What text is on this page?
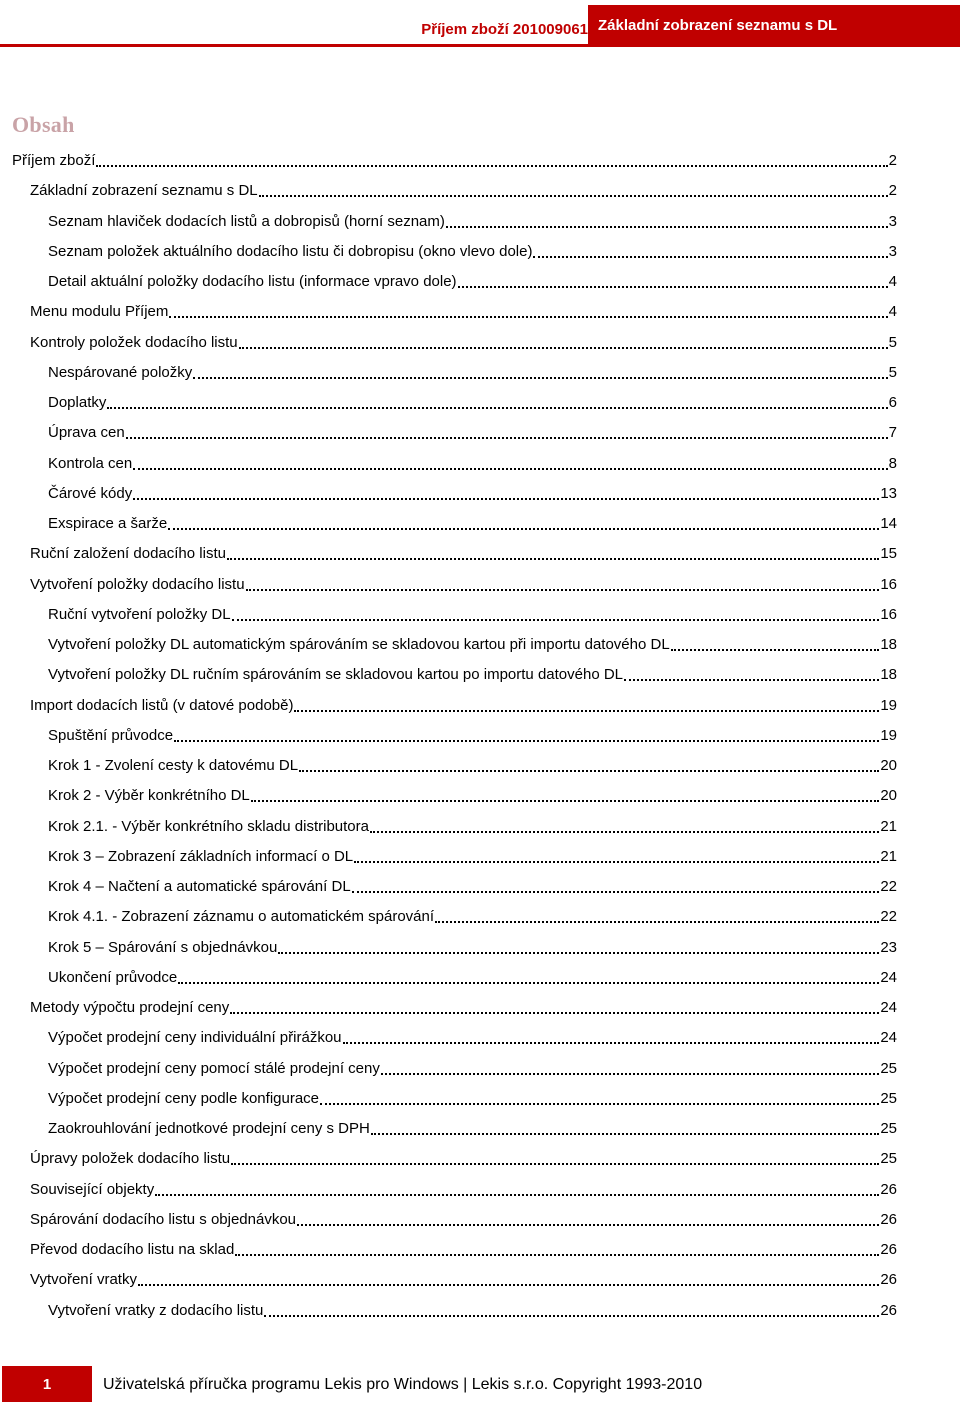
Příjem zboží 201009061 Základní zobrazení seznamu s DL
Obsah
Příjem zboží	2
Základní zobrazení seznamu s DL	2
Seznam hlaviček dodacích listů a dobropisů (horní seznam)	3
Seznam položek aktuálního dodacího listu či dobropisu (okno vlevo dole)	3
Detail aktuální položky dodacího listu (informace vpravo dole)	4
Menu modulu Příjem	4
Kontroly položek dodacího listu	5
Nespárované položky	5
Doplatky	6
Úprava cen	7
Kontrola cen	8
Čárové kódy	13
Exspirace a šarže	14
Ruční založení dodacího listu	15
Vytvoření položky dodacího listu	16
Ruční vytvoření položky DL	16
Vytvoření položky DL automatickým spárováním se skladovou kartou při importu datového DL	18
Vytvoření položky DL ručním spárováním se skladovou kartou po importu datového DL	18
Import dodacích listů (v datové podobě)	19
Spuštění průvodce	19
Krok 1 - Zvolení cesty k datovému DL	20
Krok 2 - Výběr konkrétního DL	20
Krok 2.1. - Výběr konkrétního skladu distributora	21
Krok 3 – Zobrazení základních informací o DL	21
Krok 4 – Načtení a automatické spárování DL	22
Krok 4.1. - Zobrazení záznamu o automatickém spárování	22
Krok 5 – Spárování s objednávkou	23
Ukončení průvodce	24
Metody výpočtu prodejní ceny	24
Výpočet prodejní ceny individuální přirážkou	24
Výpočet prodejní ceny pomocí stálé prodejní ceny	25
Výpočet prodejní ceny podle konfigurace	25
Zaokrouhlování jednotkové prodejní ceny s DPH	25
Úpravy položek dodacího listu	25
Související objekty	26
Spárování dodacího listu s objednávkou	26
Převod dodacího listu na sklad	26
Vytvoření vratky	26
Vytvoření vratky z dodacího listu	26
1	Uživatelská příručka programu Lekis pro Windows | Lekis s.r.o. Copyright 1993-2010
